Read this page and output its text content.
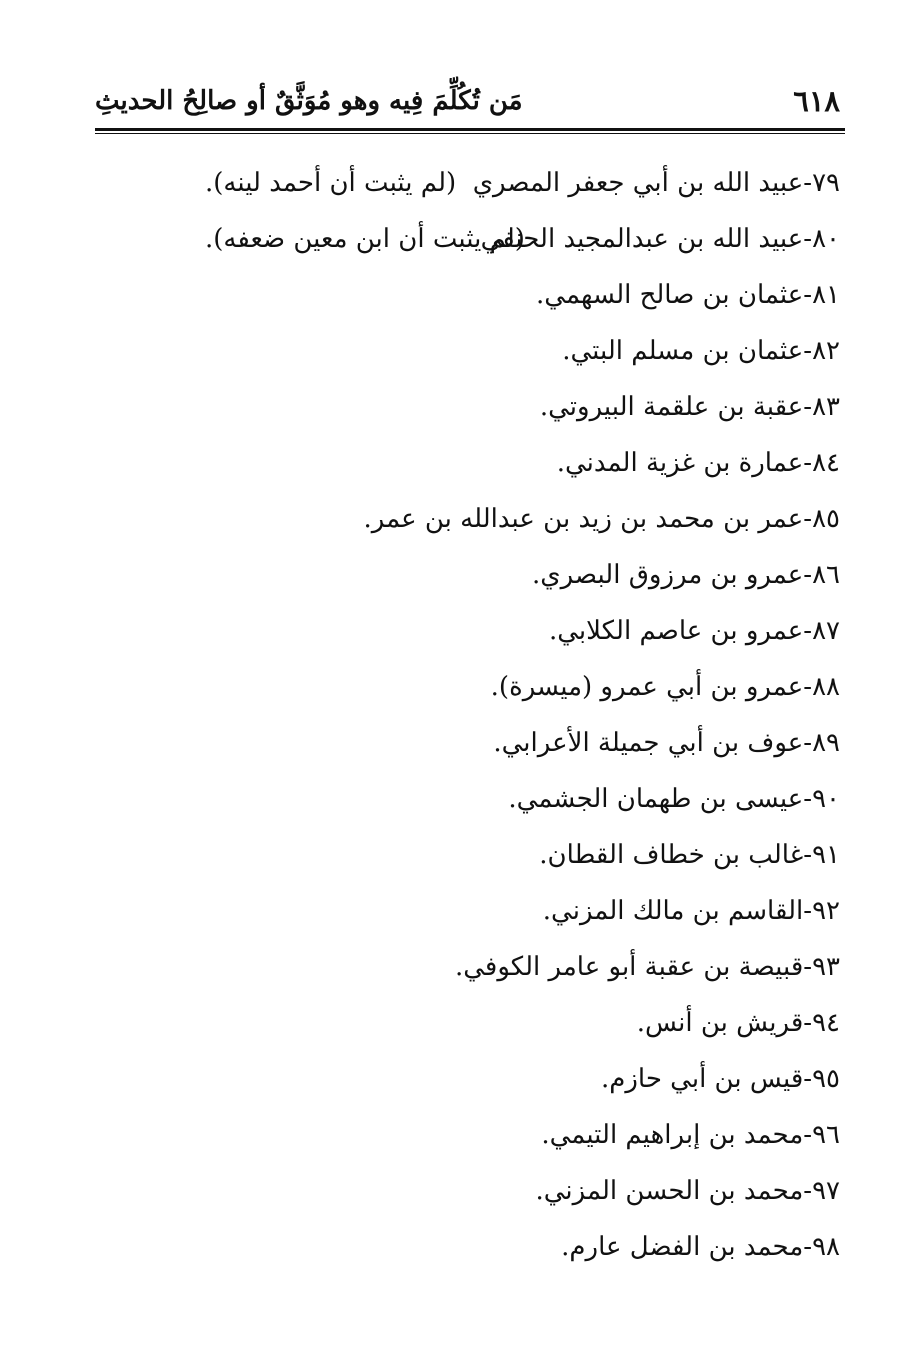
٦١٨
مَن تُكُلِّمَ فِيه وهو مُوَثَّقٌ أو صالِحُ الحديثِ
٧٩-عبيد الله بن أبي جعفر المصري
(لم يثبت أن أحمد لينه).
٨٠-عبيد الله بن عبدالمجيد الحنفي
(لم يثبت أن ابن معين ضعفه).
٨١-عثمان بن صالح السهمي.
٨٢-عثمان بن مسلم البتي.
٨٣-عقبة بن علقمة البيروتي.
٨٤-عمارة بن غزية المدني.
٨٥-عمر بن محمد بن زيد بن عبدالله بن عمر.
٨٦-عمرو بن مرزوق البصري.
٨٧-عمرو بن عاصم الكلابي.
٨٨-عمرو بن أبي عمرو (ميسرة).
٨٩-عوف بن أبي جميلة الأعرابي.
٩٠-عيسى بن طهمان الجشمي.
٩١-غالب بن خطاف القطان.
٩٢-القاسم بن مالك المزني.
٩٣-قبيصة بن عقبة أبو عامر الكوفي.
٩٤-قريش بن أنس.
٩٥-قيس بن أبي حازم.
٩٦-محمد بن إبراهيم التيمي.
٩٧-محمد بن الحسن المزني.
٩٨-محمد بن الفضل عارم.
